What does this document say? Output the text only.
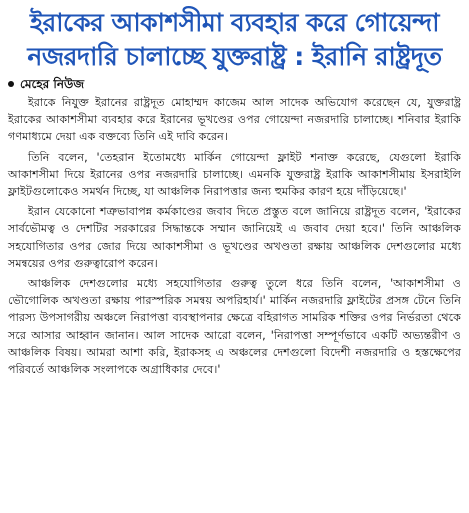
ইরাকের আকাশসীমা ব্যবহার করে গোয়েন্দা
নজরদারি চালাচ্ছে যুক্তরাষ্ট্র : ইরানি রাষ্ট্রদূত
মেহের নিউজ

ইরাকে নিযুক্ত ইরানের রাষ্ট্রদূত মোহাম্মদ কাজেম আল সাদেক অভিযোগ করেছেন যে, যুক্তরাষ্ট্র ইরাকের আকাশসীমা ব্যবহার করে ইরানের ভূখণ্ডের ওপর গোয়েন্দা নজরদারি চালাচ্ছে। শনিবার ইরাকি গণমাধ্যমে দেয়া এক বক্তব্যে তিনি এই দাবি করেন।

তিনি বলেন, 'তেহরান ইতোমধ্যে মার্কিন গোয়েন্দা ফ্লাইট শনাক্ত করেছে, যেগুলো ইরাকি আকাশসীমা দিয়ে ইরানের ওপর নজরদারি চালাচ্ছে। এমনকি যুক্তরাষ্ট্র ইরাকি আকাশসীমায় ইসরাইলি ফ্লাইটগুলোকেও সমর্থন দিচ্ছে, যা আঞ্চলিক নিরাপত্তার জন্য হুমকির কারণ হয়ে দাঁড়িয়েছে।'

ইরান যেকোনো শত্রুভাবাপন্ন কর্মকাণ্ডের জবাব দিতে প্রস্তুত বলে জানিয়ে রাষ্ট্রদূত বলেন, 'ইরাকের সার্বভৌমত্ব ও দেশটির সরকারের সিদ্ধান্তকে সম্মান জানিয়েই এ জবাব দেয়া হবে।' তিনি আঞ্চলিক সহযোগিতার ওপর জোর দিয়ে আকাশসীমা ও ভূখণ্ডের অখণ্ডতা রক্ষায় আঞ্চলিক দেশগুলোর মধ্যে সমন্বয়ের ওপর গুরুত্বারোপ করেন।

আঞ্চলিক দেশগুলোর মধ্যে সহযোগিতার গুরুত্ব তুলে ধরে তিনি বলেন, 'আকাশসীমা ও ভৌগোলিক অখণ্ডতা রক্ষায় পারস্পরিক সমন্বয় অপরিহার্য।' মার্কিন নজরদারি ফ্লাইটের প্রসঙ্গ টেনে তিনি পারস্য উপসাগরীয় অঞ্চলে নিরাপত্তা ব্যবস্থাপনার ক্ষেত্রে বহিরাগত সামরিক শক্তির ওপর নির্ভরতা থেকে সরে আসার আহ্বান জানান। আল সাদেক আরো বলেন, 'নিরাপত্তা সম্পূর্ণভাবে একটি অভ্যন্তরীণ ও আঞ্চলিক বিষয়। আমরা আশা করি, ইরাকসহ এ অঞ্চলের দেশগুলো বিদেশী নজরদারি ও হস্তক্ষেপের পরিবর্তে আঞ্চলিক সংলাপকে অগ্রাধিকার দেবে।'
